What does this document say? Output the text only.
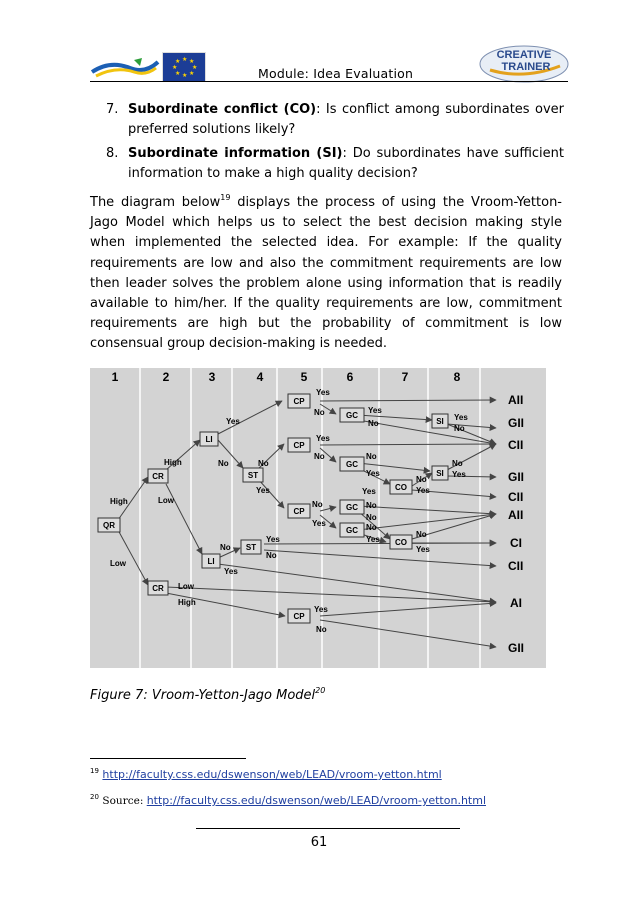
★ ★
★
★
★
★
★
★
Module: Idea Evaluation
CREATIVE
TRAINER
7. Subordinate conflict (CO): Is conflict among subordinates over preferred solutions likely?
8. Subordinate information (SI): Do subordinates have sufficient information to make a high quality decision?
The diagram below$^{19}$ displays the process of using the Vroom-Yetton-Jago Model which helps us to select the best decision making style when implemented the selected idea. For example: If the quality requirements are low and also the commitment requirements are low then leader solves the problem alone using information that is readily available to him/her. If the quality requirements are low, commitment requirements are high but the probability of commitment is low consensual group decision-making is needed.
1	2	3	4	5	6	7	8
QR
CR
CR
LI
LI
ST
ST
CP
CP
CP
CP
GC
GC
GC
GC
CO
CO
SI
SI
High
Low
High
Low
Yes
No	No
Yes
Yes
No	Yes
No
Yes
No
Yes
No	No
Yes
No
Yes
No
Yes
Yes
No
Yes
No
No
Yes
No
No
Yes
No
Yes
Yes
No
Low
High
Yes
No
AII
GII
CII
GII
CII
AII
CI
CII
AI
GII
Figure 7: Vroom-Yetton-Jago Model$^{20}$
$^{19}$ http://faculty.css.edu/dswenson/web/LEAD/vroom-yetton.html
$^{20}$ Source: http://faculty.css.edu/dswenson/web/LEAD/vroom-yetton.html
61
